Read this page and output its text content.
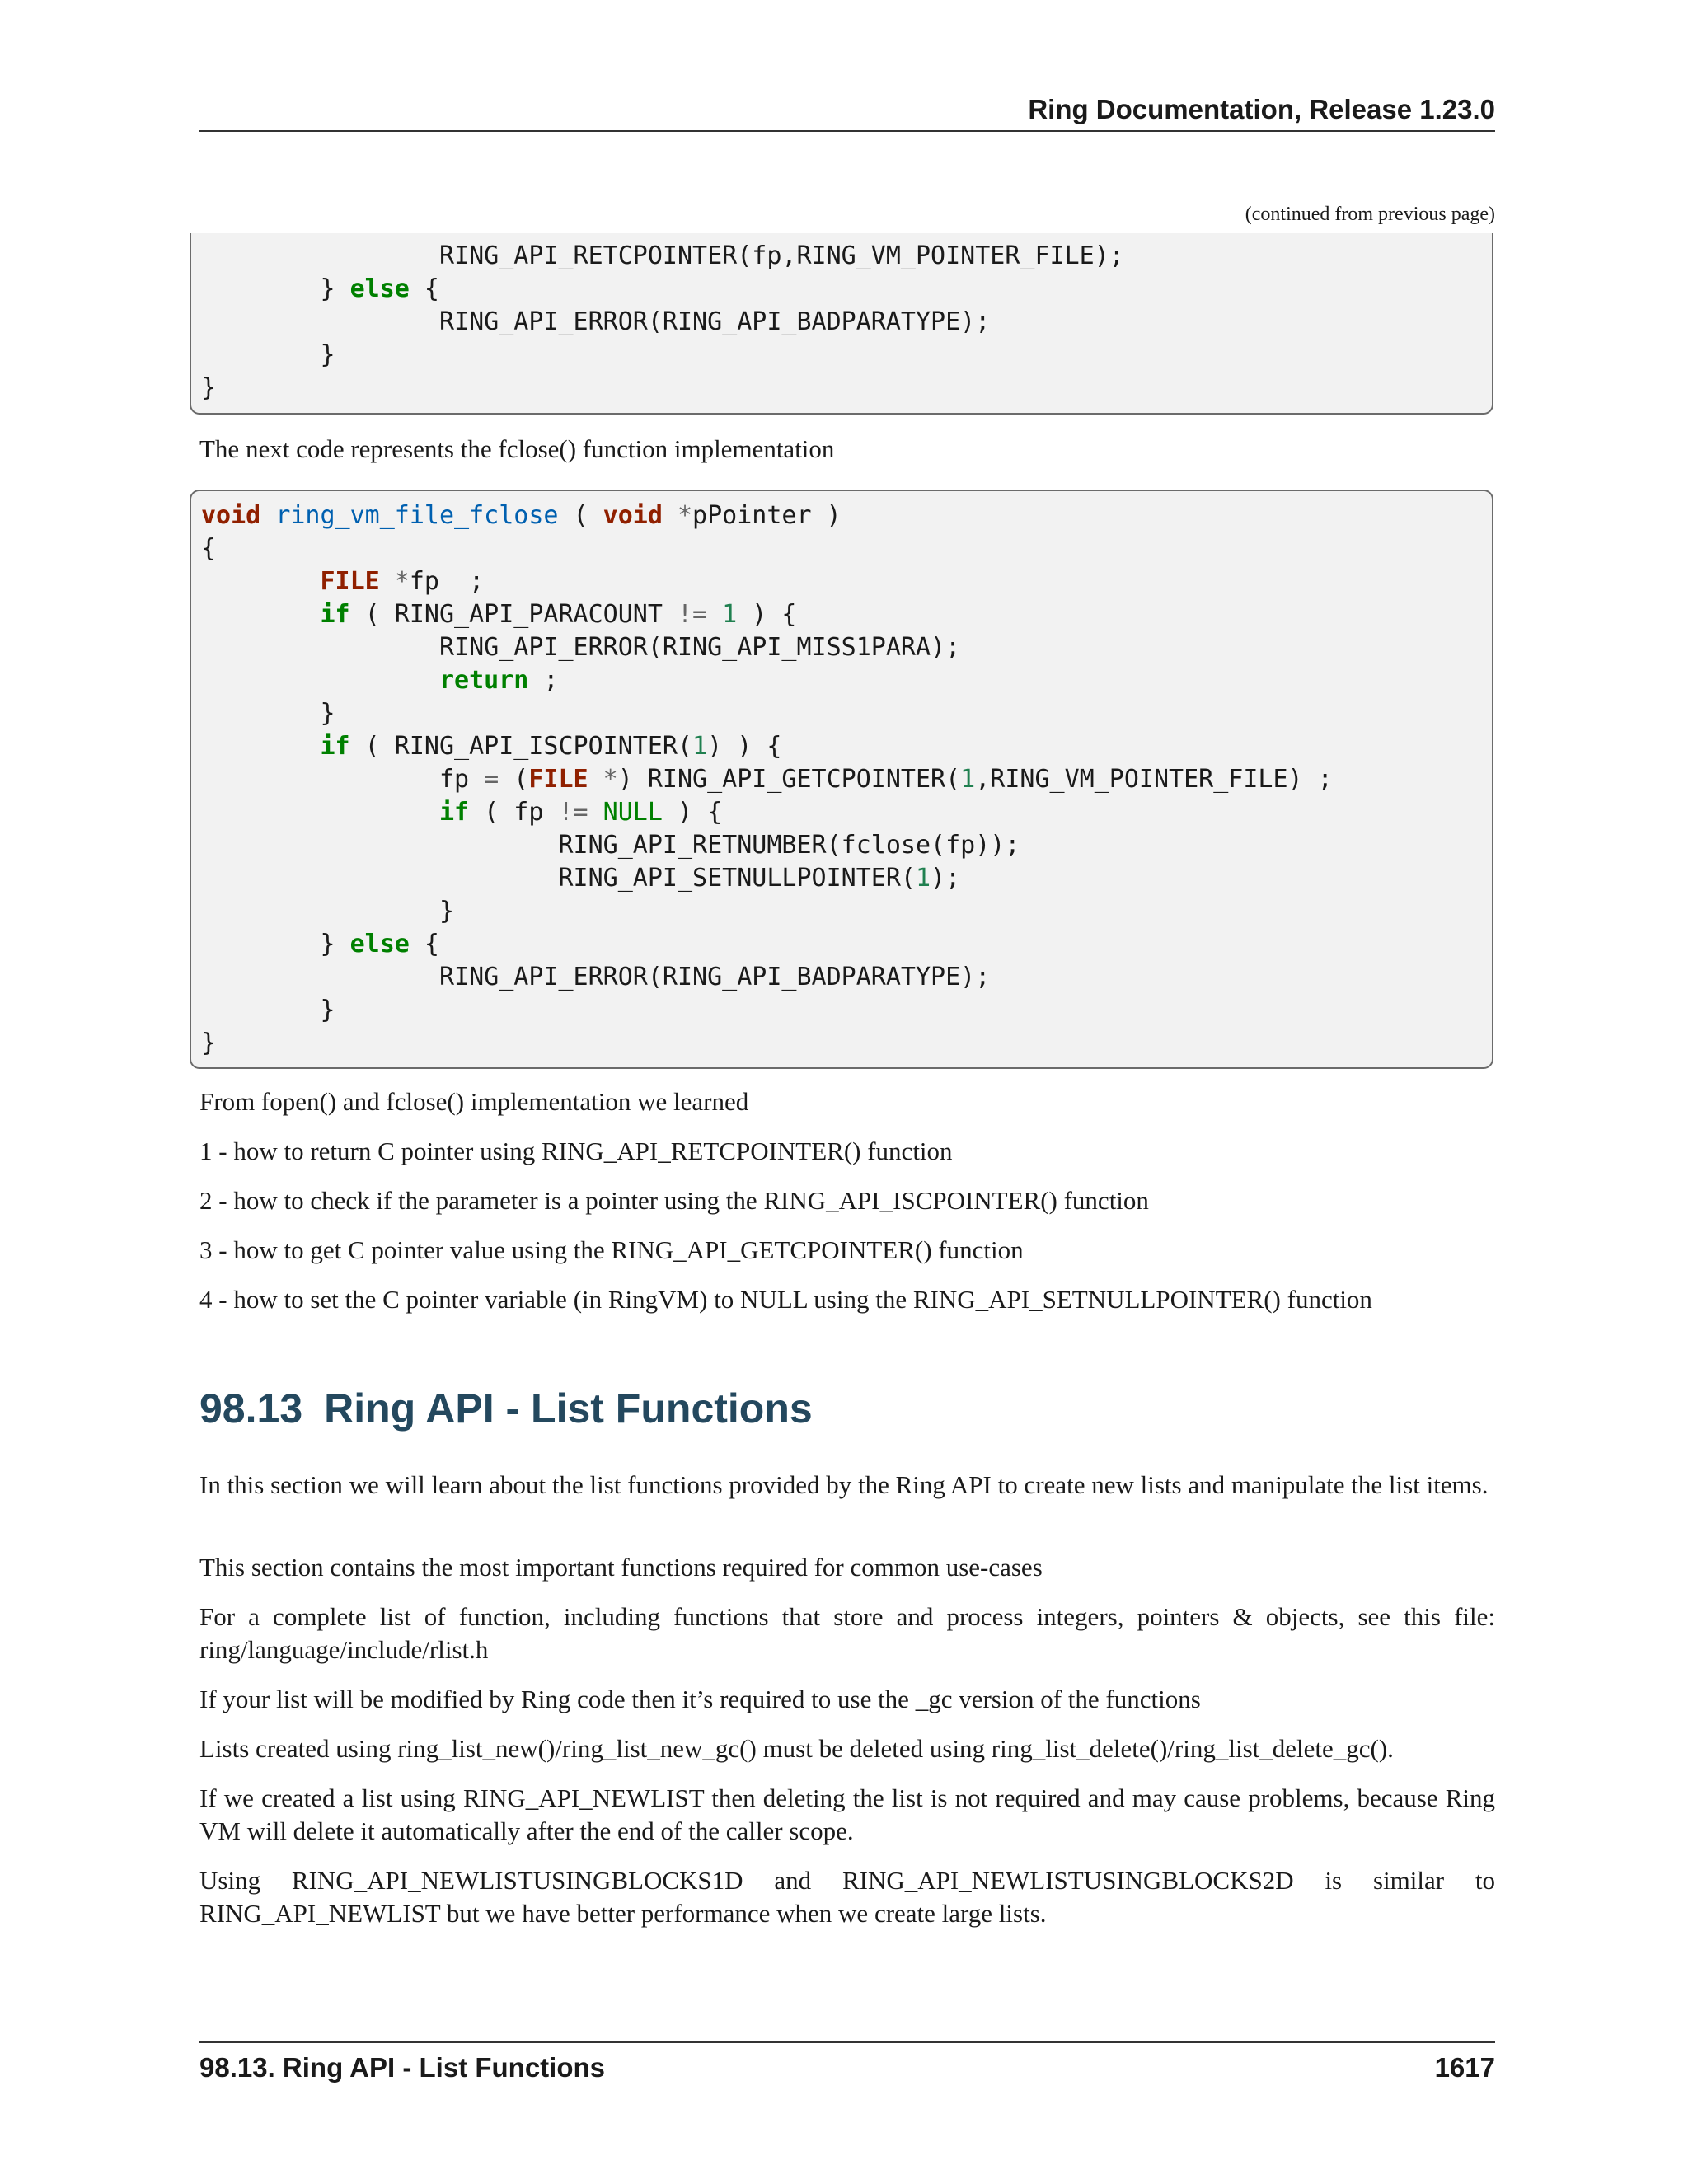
Ring Documentation, Release 1.23.0
(continued from previous page)
RING_API_RETCPOINTER(fp,RING_VM_POINTER_FILE);
} else {
RING_API_ERROR(RING_API_BADPARATYPE);
}
}

The next code represents the fclose() function implementation

void ring_vm_file_fclose ( void *pPointer )
{
FILE *fp  ;
if ( RING_API_PARACOUNT != 1 ) {
RING_API_ERROR(RING_API_MISS1PARA);
return ;
}
if ( RING_API_ISCPOINTER(1) ) {
fp = (FILE *) RING_API_GETCPOINTER(1,RING_VM_POINTER_FILE) ;
if ( fp != NULL ) {
RING_API_RETNUMBER(fclose(fp));
RING_API_SETNULLPOINTER(1);
}
} else {
RING_API_ERROR(RING_API_BADPARATYPE);
}
}

From fopen() and fclose() implementation we learned

1 - how to return C pointer using RING_API_RETCPOINTER() function

2 - how to check if the parameter is a pointer using the RING_API_ISCPOINTER() function

3 - how to get C pointer value using the RING_API_GETCPOINTER() function

4 - how to set the C pointer variable (in RingVM) to NULL using the RING_API_SETNULLPOINTER() function

98.13 Ring API - List Functions

In this section we will learn about the list functions provided by the Ring API to create new lists and manipulate the list items.

This section contains the most important functions required for common use-cases

For a complete list of function, including functions that store and process integers, pointers & objects, see this file: ring/language/include/rlist.h

If your list will be modified by Ring code then it’s required to use the _gc version of the functions

Lists created using ring_list_new()/ring_list_new_gc() must be deleted using ring_list_delete()/ring_list_delete_gc().

If we created a list using RING_API_NEWLIST then deleting the list is not required and may cause problems, because Ring VM will delete it automatically after the end of the caller scope.

Using RING_API_NEWLISTUSINGBLOCKS1D and RING_API_NEWLISTUSINGBLOCKS2D is similar to RING_API_NEWLIST but we have better performance when we create large lists.

98.13. Ring API - List Functions	1617
